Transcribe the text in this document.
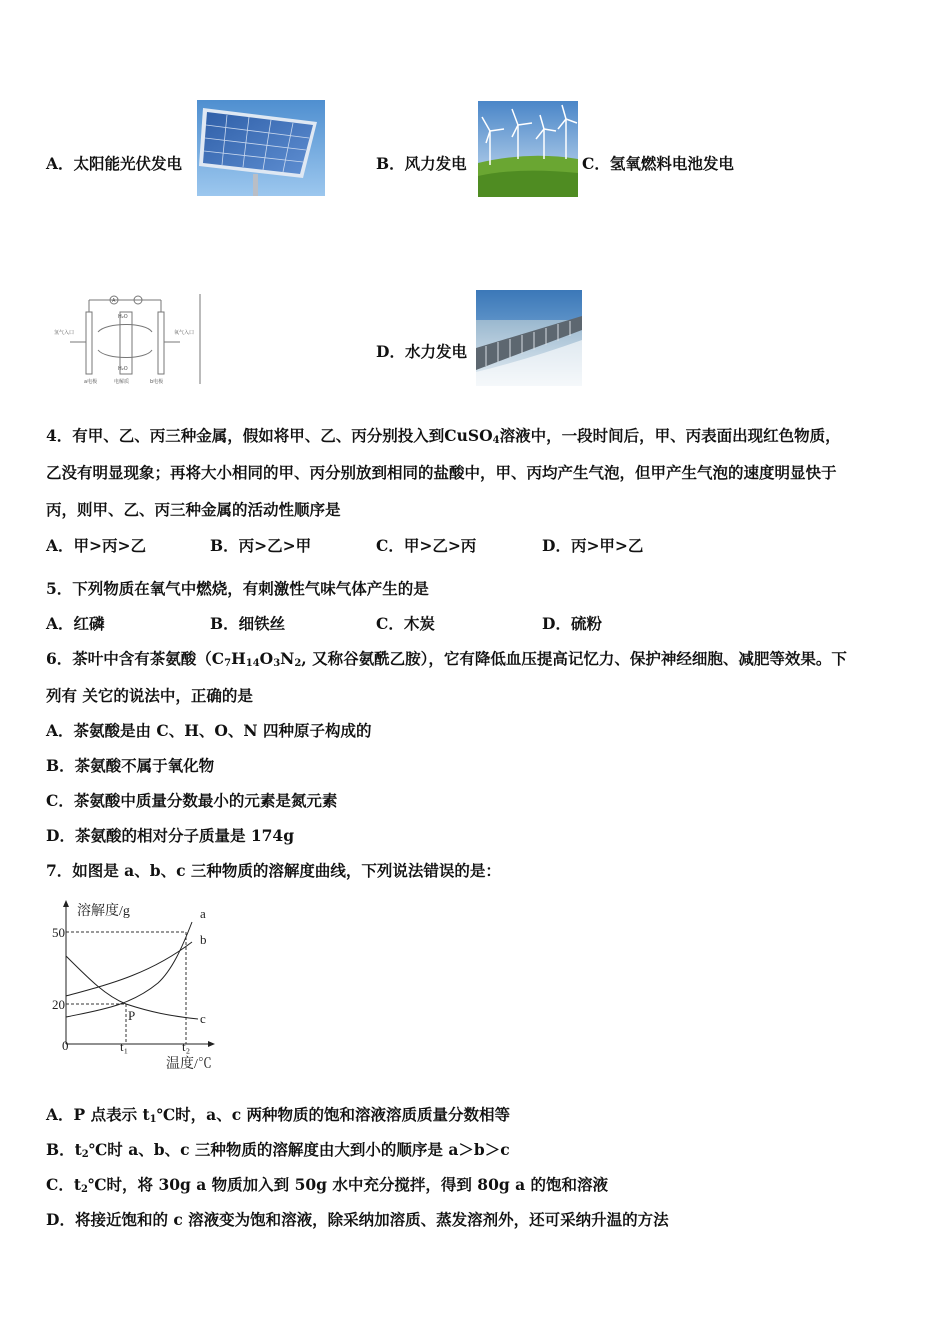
A．太阳能光伏发电	B．风力发电	C．氢氧燃料电池发电
A
H₂O
H₂O
a电极	电解质	b电极
氢气入口	氧气入口
D．水力发电
4．有甲、乙、丙三种金属，假如将甲、乙、丙分别投入到CuSO$_4$溶液中，一段时间后，甲、丙表面出现红色物质，
乙没有明显现象；再将大小相同的甲、丙分别放到相同的盐酸中，甲、丙均产生气泡，但甲产生气泡的速度明显快于
丙，则甲、乙、丙三种金属的活动性顺序是
A．甲>丙>乙	B．丙>乙>甲	C．甲>乙>丙	D．丙>甲>乙
5．下列物质在氧气中燃烧，有刺激性气味气体产生的是
A．红磷	B．细铁丝	C．木炭	D．硫粉
6．茶叶中含有茶氨酸（$C_7H_{14}O_3N_2$, 又称谷氨酰乙胺），它有降低血压提高记忆力、保护神经细胞、减肥等效果。下
列有 关它的说法中，正确的是
A．茶氨酸是由 C、H、O、N 四种原子构成的
B．茶氨酸不属于氧化物
C．茶氨酸中质量分数最小的元素是氮元素
D．茶氨酸的相对分子质量是 174g
7．如图是 a、b、c 三种物质的溶解度曲线，下列说法错误的是：
溶解度/g
温度/℃
50
20
0	t₁	t₂
a
b
c
P
A．P 点表示 $t_1℃$时，a、c 两种物质的饱和溶液溶质质量分数相等
B．$t_2℃$时 a、b、c 三种物质的溶解度由大到小的顺序是 a＞b＞c
C．$t_2℃$时，将 30g a 物质加入到 50g 水中充分搅拌，得到 80g a 的饱和溶液
D．将接近饱和的 c 溶液变为饱和溶液，除采纳加溶质、蒸发溶剂外，还可采纳升温的方法
